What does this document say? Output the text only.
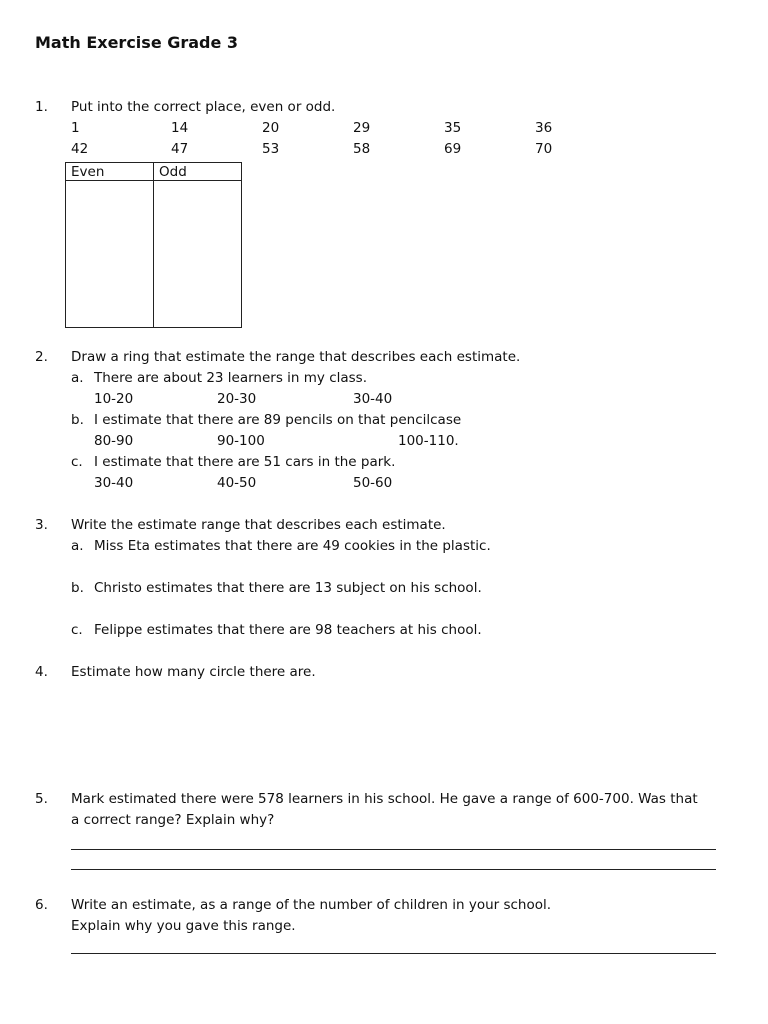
Math Exercise Grade 3
1. Put into the correct place, even or odd.
1	14	20	29	35	36
42	47	53	58	69	70
Even	Odd

2. Draw a ring that estimate the range that describes each estimate.
a. There are about 23 learners in my class.
10-20	20-30	30-40
b. I estimate that there are 89 pencils on that pencilcase
80-90	90-100	100-110.
c. I estimate that there are 51 cars in the park.
30-40	40-50	50-60
3. Write the estimate range that describes each estimate.
a. Miss Eta estimates that there are 49 cookies in the plastic.
b. Christo estimates that there are 13 subject on his school.
c. Felippe estimates that there are 98 teachers at his chool.
4. Estimate how many circle there are.
5. Mark estimated there were 578 learners in his school. He gave a range of 600-700. Was that
a correct range? Explain why?
6. Write an estimate, as a range of the number of children in your school.
Explain why you gave this range.
